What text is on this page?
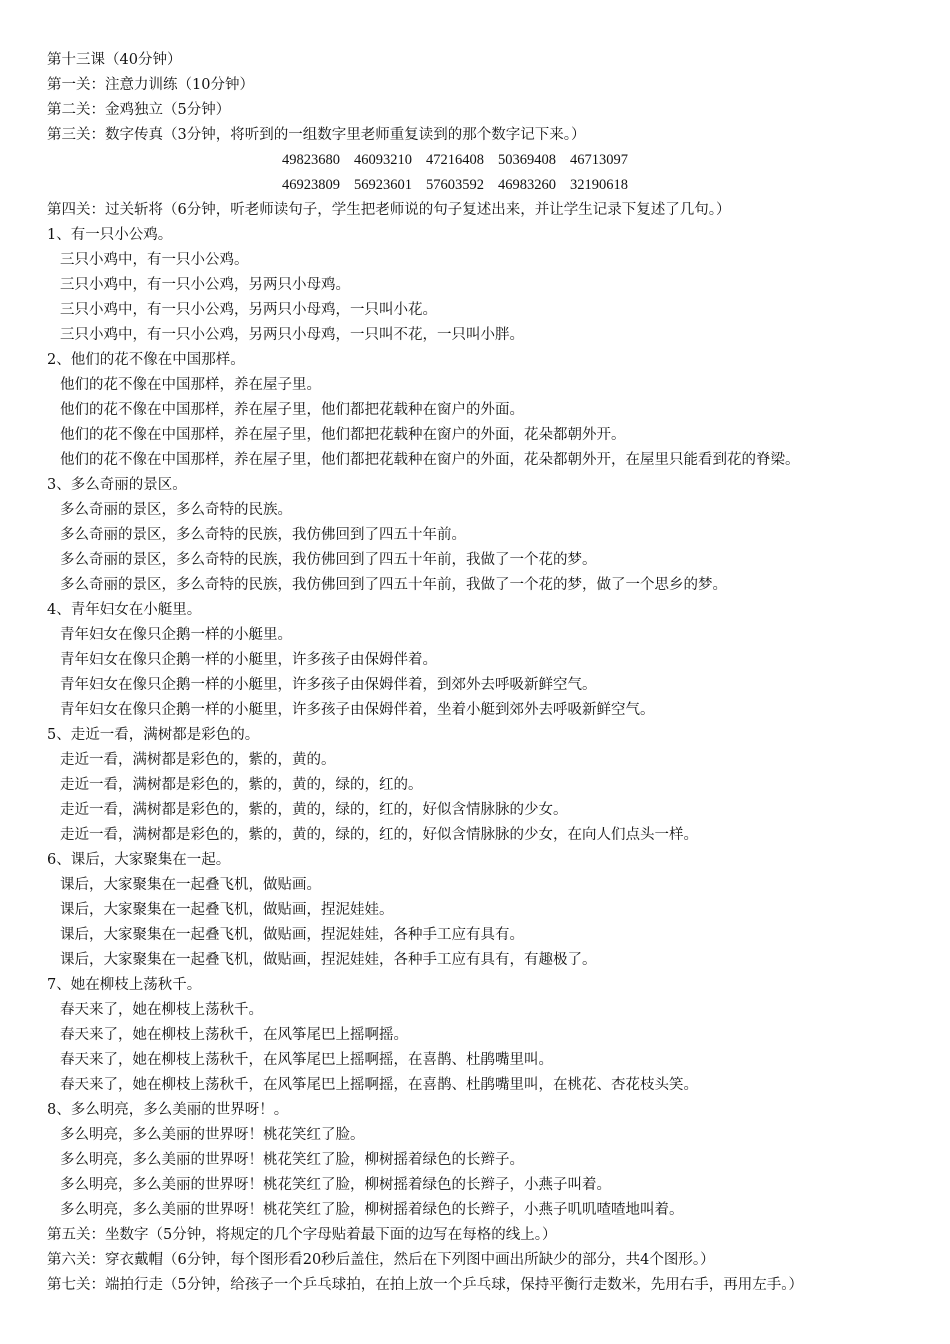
第十三课（40分钟）
第一关：注意力训练（10分钟）
第二关：金鸡独立（5分钟）
第三关：数字传真（3分钟，将听到的一组数字里老师重复读到的那个数字记下来。）
49823680 46093210 47216408 50369408 46713097
46923809 56923601 57603592 46983260 32190618
第四关：过关斩将（6分钟，听老师读句子，学生把老师说的句子复述出来，并让学生记录下复述了几句。）
1、有一只小公鸡。
三只小鸡中，有一只小公鸡。
三只小鸡中，有一只小公鸡，另两只小母鸡。
三只小鸡中，有一只小公鸡，另两只小母鸡，一只叫小花。
三只小鸡中，有一只小公鸡，另两只小母鸡，一只叫不花，一只叫小胖。
2、他们的花不像在中国那样。
他们的花不像在中国那样，养在屋子里。
他们的花不像在中国那样，养在屋子里，他们都把花载种在窗户的外面。
他们的花不像在中国那样，养在屋子里，他们都把花载种在窗户的外面，花朵都朝外开。
他们的花不像在中国那样，养在屋子里，他们都把花载种在窗户的外面，花朵都朝外开，在屋里只能看到花的脊梁。
3、多么奇丽的景区。
多么奇丽的景区，多么奇特的民族。
多么奇丽的景区，多么奇特的民族，我仿佛回到了四五十年前。
多么奇丽的景区，多么奇特的民族，我仿佛回到了四五十年前，我做了一个花的梦。
多么奇丽的景区，多么奇特的民族，我仿佛回到了四五十年前，我做了一个花的梦，做了一个思乡的梦。
4、青年妇女在小艇里。
青年妇女在像只企鹅一样的小艇里。
青年妇女在像只企鹅一样的小艇里，许多孩子由保姆伴着。
青年妇女在像只企鹅一样的小艇里，许多孩子由保姆伴着，到郊外去呼吸新鲜空气。
青年妇女在像只企鹅一样的小艇里，许多孩子由保姆伴着，坐着小艇到郊外去呼吸新鲜空气。
5、走近一看，满树都是彩色的。
走近一看，满树都是彩色的，紫的，黄的。
走近一看，满树都是彩色的，紫的，黄的，绿的，红的。
走近一看，满树都是彩色的，紫的，黄的，绿的，红的，好似含情脉脉的少女。
走近一看，满树都是彩色的，紫的，黄的，绿的，红的，好似含情脉脉的少女，在向人们点头一样。
6、课后，大家聚集在一起。
课后，大家聚集在一起叠飞机，做贴画。
课后，大家聚集在一起叠飞机，做贴画，捏泥娃娃。
课后，大家聚集在一起叠飞机，做贴画，捏泥娃娃，各种手工应有具有。
课后，大家聚集在一起叠飞机，做贴画，捏泥娃娃，各种手工应有具有，有趣极了。
7、她在柳枝上荡秋千。
春天来了，她在柳枝上荡秋千。
春天来了，她在柳枝上荡秋千，在风筝尾巴上摇啊摇。
春天来了，她在柳枝上荡秋千，在风筝尾巴上摇啊摇，在喜鹊、杜鹃嘴里叫。
春天来了，她在柳枝上荡秋千，在风筝尾巴上摇啊摇，在喜鹊、杜鹃嘴里叫，在桃花、杏花枝头笑。
8、多么明亮，多么美丽的世界呀！。
多么明亮，多么美丽的世界呀！桃花笑红了脸。
多么明亮，多么美丽的世界呀！桃花笑红了脸，柳树摇着绿色的长辫子。
多么明亮，多么美丽的世界呀！桃花笑红了脸，柳树摇着绿色的长辫子，小燕子叫着。
多么明亮，多么美丽的世界呀！桃花笑红了脸，柳树摇着绿色的长辫子，小燕子叽叽喳喳地叫着。
第五关：坐数字（5分钟，将规定的几个字母贴着最下面的边写在每格的线上。）
第六关：穿衣戴帽（6分钟，每个图形看20秒后盖住，然后在下列图中画出所缺少的部分，共4个图形。）
第七关：端拍行走（5分钟，给孩子一个乒乓球拍，在拍上放一个乒乓球，保持平衡行走数米，先用右手，再用左手。）
